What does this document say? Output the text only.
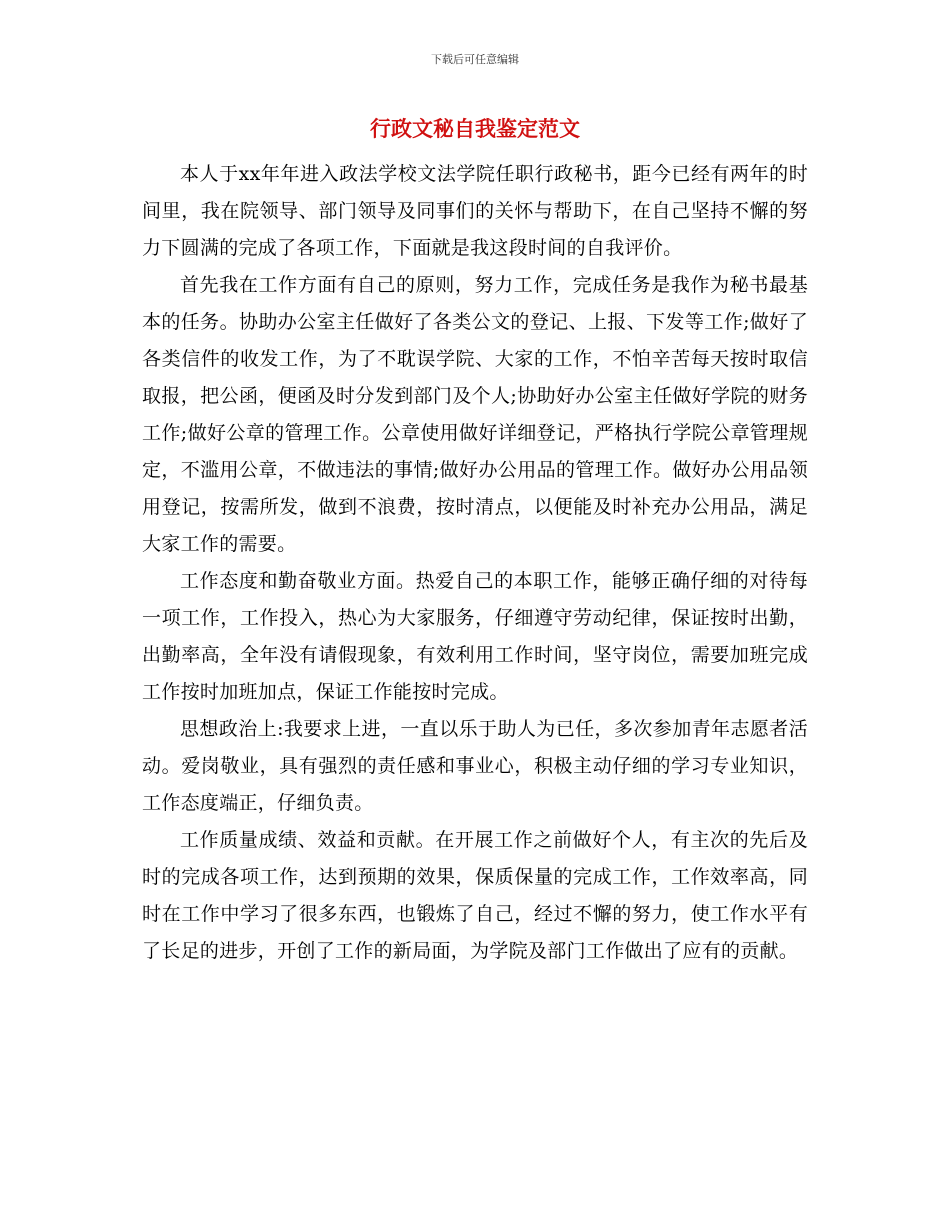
下载后可任意编辑
行政文秘自我鉴定范文

本人于xx年年进入政法学校文法学院任职行政秘书，距今已经有两年的时间里，我在院领导、部门领导及同事们的关怀与帮助下，在自己坚持不懈的努力下圆满的完成了各项工作，下面就是我这段时间的自我评价。

首先我在工作方面有自己的原则，努力工作，完成任务是我作为秘书最基本的任务。协助办公室主任做好了各类公文的登记、上报、下发等工作;做好了各类信件的收发工作，为了不耽误学院、大家的工作，不怕辛苦每天按时取信取报，把公函，便函及时分发到部门及个人;协助好办公室主任做好学院的财务工作;做好公章的管理工作。公章使用做好详细登记，严格执行学院公章管理规定，不滥用公章，不做违法的事情;做好办公用品的管理工作。做好办公用品领用登记，按需所发，做到不浪费，按时清点，以便能及时补充办公用品，满足大家工作的需要。

工作态度和勤奋敬业方面。热爱自己的本职工作，能够正确仔细的对待每一项工作，工作投入，热心为大家服务，仔细遵守劳动纪律，保证按时出勤，出勤率高，全年没有请假现象，有效利用工作时间，坚守岗位，需要加班完成工作按时加班加点，保证工作能按时完成。

思想政治上:我要求上进，一直以乐于助人为已任，多次参加青年志愿者活动。爱岗敬业，具有强烈的责任感和事业心，积极主动仔细的学习专业知识，工作态度端正，仔细负责。

工作质量成绩、效益和贡献。在开展工作之前做好个人，有主次的先后及时的完成各项工作，达到预期的效果，保质保量的完成工作，工作效率高，同时在工作中学习了很多东西，也锻炼了自己，经过不懈的努力，使工作水平有了长足的进步，开创了工作的新局面，为学院及部门工作做出了应有的贡献。
